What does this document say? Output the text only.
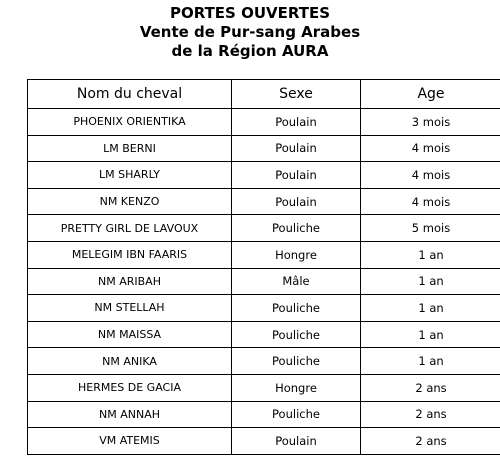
PORTES OUVERTES
Vente de Pur-sang Arabes
de la Région AURA
Nom du cheval	Sexe	Age
PHOENIX ORIENTIKA	Poulain	3 mois
LM BERNI	Poulain	4 mois
LM SHARLY	Poulain	4 mois
NM KENZO	Poulain	4 mois
PRETTY GIRL DE LAVOUX	Pouliche	5 mois
MELEGIM IBN FAARIS	Hongre	1 an
NM ARIBAH	Mâle	1 an
NM STELLAH	Pouliche	1 an
NM MAISSA	Pouliche	1 an
NM ANIKA	Pouliche	1 an
HERMES DE GACIA	Hongre	2 ans
NM ANNAH	Pouliche	2 ans
VM ATEMIS	Poulain	2 ans
